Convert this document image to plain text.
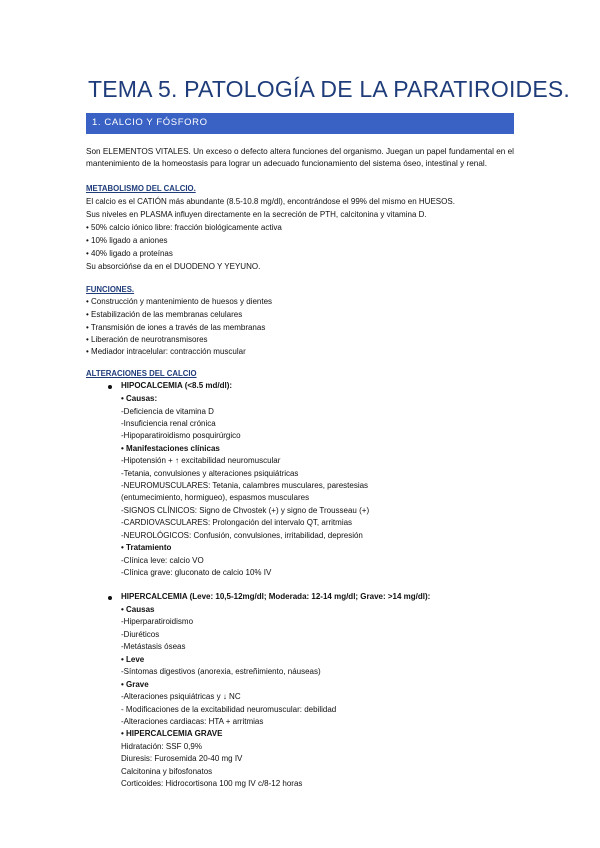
TEMA 5. PATOLOGÍA DE LA PARATIROIDES.
1. CALCIO Y FÓSFORO
Son ELEMENTOS VITALES. Un exceso o defecto altera funciones del organismo. Juegan un papel fundamental en el mantenimiento de la homeostasis para lograr un adecuado funcionamiento del sistema óseo, intestinal y renal.
METABOLISMO DEL CALCIO.
El calcio es el CATIÓN más abundante (8.5-10.8 mg/dl), encontrándose el 99% del mismo en HUESOS.
Sus niveles en PLASMA influyen directamente en la secreción de PTH, calcitonina y vitamina D.
• 50% calcio iónico libre: fracción biológicamente activa
• 10% ligado a aniones
• 40% ligado a proteínas
Su absorcióńse da en el DUODENO Y YEYUNO.
FUNCIONES.
• Construcción y mantenimiento de huesos y dientes
• Estabilización de las membranas celulares
• Transmisión de iones a través de las membranas
• Liberación de neurotransmisores
• Mediador intracelular: contracción muscular
ALTERACIONES DEL CALCIO
HIPOCALCEMIA (<8.5 md/dl):
• Causas:
-Deficiencia de vitamina D
-Insuficiencia renal crónica
-Hipoparatiroidismo posquirúrgico
• Manifestaciones clínicas
-Hipotensión + ↑ excitabilidad neuromuscular
-Tetania, convulsiones y alteraciones psiquiátricas
-NEUROMUSCULARES: Tetania, calambres musculares, parestesias
(entumecimiento, hormigueo), espasmos musculares
-SIGNOS CLÍNICOS: Signo de Chvostek (+) y signo de Trousseau (+)
-CARDIOVASCULARES: Prolongación del intervalo QT, arritmias
-NEUROLÓGICOS: Confusión, convulsiones, irritabilidad, depresión
• Tratamiento
-Clínica leve: calcio VO
-Clínica grave: gluconato de calcio 10% IV
HIPERCALCEMIA (Leve: 10,5-12mg/dl; Moderada: 12-14 mg/dl; Grave: >14 mg/dl):
• Causas
-Hiperparatiroidismo
-Diuréticos
-Metástasis óseas
• Leve
-Síntomas digestivos (anorexia, estreñimiento, náuseas)
• Grave
-Alteraciones psiquiátricas y ↓ NC
- Modificaciones de la excitabilidad neuromuscular: debilidad
-Alteraciones cardiacas: HTA + arritmias
• HIPERCALCEMIA GRAVE
Hidratación: SSF 0,9%
Diuresis: Furosemida 20-40 mg IV
Calcitonina y bifosfonatos
Corticoides: Hidrocortisona 100 mg IV c/8-12 horas
